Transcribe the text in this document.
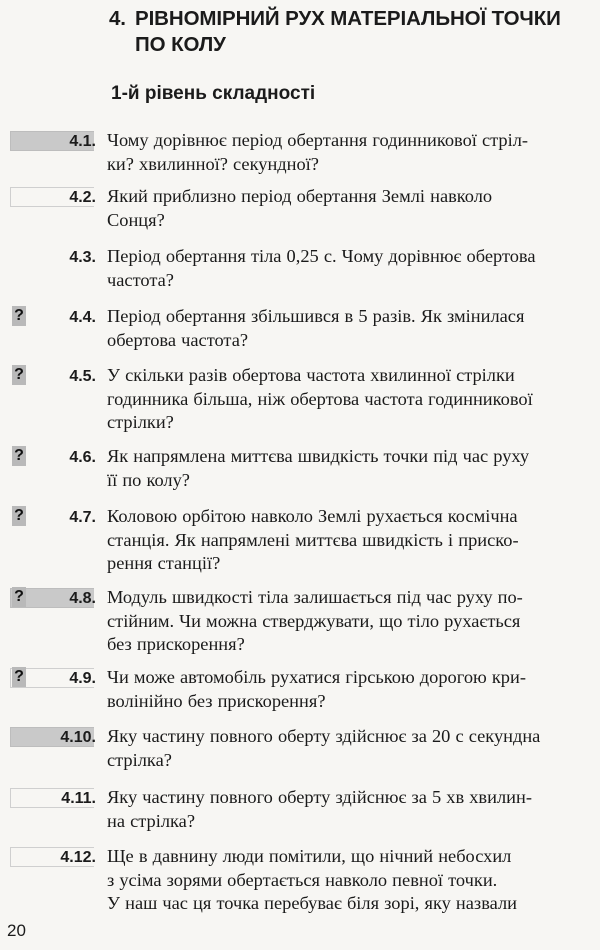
4. РІВНОМІРНИЙ РУХ МАТЕРІАЛЬНОЇ ТОЧКИ
ПО КОЛУ
1-й рівень складності
4.1. Чому дорівнює період обертання годинникової стріл-
ки? хвилинної? секундної?
4.2. Який приблизно період обертання Землі навколо
Сонця?
4.3. Період обертання тіла 0,25 с. Чому дорівнює обертова
частота?
?	4.4. Період обертання збільшився в 5 разів. Як змінилася
обертова частота?
?	4.5. У скільки разів обертова частота хвилинної стрілки
годинника більша, ніж обертова частота годинникової
стрілки?
?	4.6. Як напрямлена миттєва швидкість точки під час руху
її по колу?
?	4.7. Коловою орбітою навколо Землі рухається космічна
станція. Як напрямлені миттєва швидкість і приско-
рення станції?
?	4.8. Модуль швидкості тіла залишається під час руху по-
стійним. Чи можна стверджувати, що тіло рухається
без прискорення?
?	4.9. Чи може автомобіль рухатися гірською дорогою кри-
волінійно без прискорення?
4.10. Яку частину повного оберту здійснює за 20 с секундна
стрілка?
4.11. Яку частину повного оберту здійснює за 5 хв хвилин-
на стрілка?
4.12. Ще в давнину люди помітили, що нічний небосхил
з усіма зорями обертається навколо певної точки.
У наш час ця точка перебуває біля зорі, яку назвали
20
